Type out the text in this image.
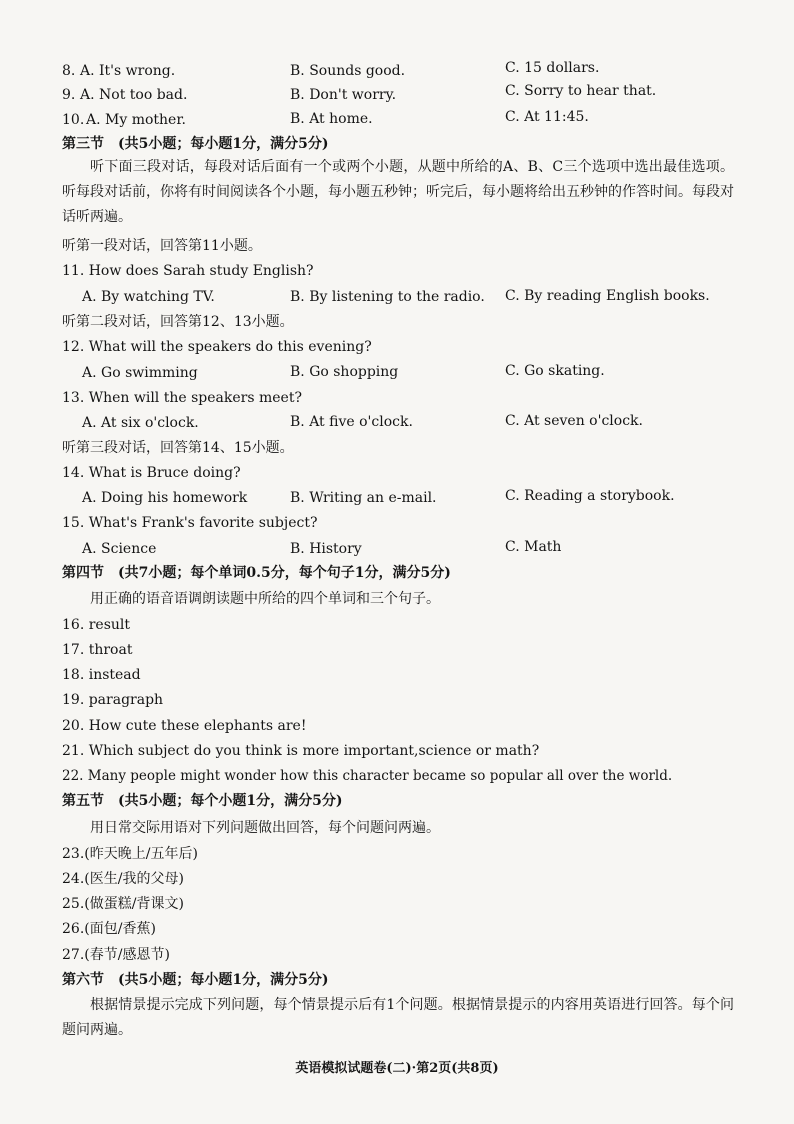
8. A. It's wrong.	B. Sounds good.	C. 15 dollars.
9. A. Not too bad.	B. Don't worry.	C. Sorry to hear that.
10. A. My mother.	B. At home.	C. At 11:45.
第三节　(共5小题；每小题1分，满分5分)
听下面三段对话，每段对话后面有一个或两个小题，从题中所给的A、B、C三个选项中选出最佳选项。听每段对话前，你将有时间阅读各个小题，每小题五秒钟；听完后，每小题将给出五秒钟的作答时间。每段对话听两遍。
听第一段对话，回答第11小题。
11. How does Sarah study English?
A. By watching TV.	B. By listening to the radio. C. By reading English books.
听第二段对话，回答第12、13小题。
12. What will the speakers do this evening?
A. Go swimming	B. Go shopping	C. Go skating.
13. When will the speakers meet?
A. At six o'clock.	B. At five o'clock.	C. At seven o'clock.
听第三段对话，回答第14、15小题。
14. What is Bruce doing?
A. Doing his homework	B. Writing an e-mail.	C. Reading a storybook.
15. What's Frank's favorite subject?
A. Science	B. History	C. Math
第四节　(共7小题；每个单词0.5分，每个句子1分，满分5分)
用正确的语音语调朗读题中所给的四个单词和三个句子。
16. result
17. throat
18. instead
19. paragraph
20. How cute these elephants are!
21. Which subject do you think is more important,science or math?
22. Many people might wonder how this character became so popular all over the world.
第五节　(共5小题；每个小题1分，满分5分)
用日常交际用语对下列问题做出回答，每个问题问两遍。
23.(昨天晚上/五年后)
24.(医生/我的父母)
25.(做蛋糕/背课文)
26.(面包/香蕉)
27.(春节/感恩节)
第六节　(共5小题；每小题1分，满分5分)
根据情景提示完成下列问题，每个情景提示后有1个问题。根据情景提示的内容用英语进行回答。每个问题问两遍。
英语模拟试题卷(二)·第2页(共8页)
